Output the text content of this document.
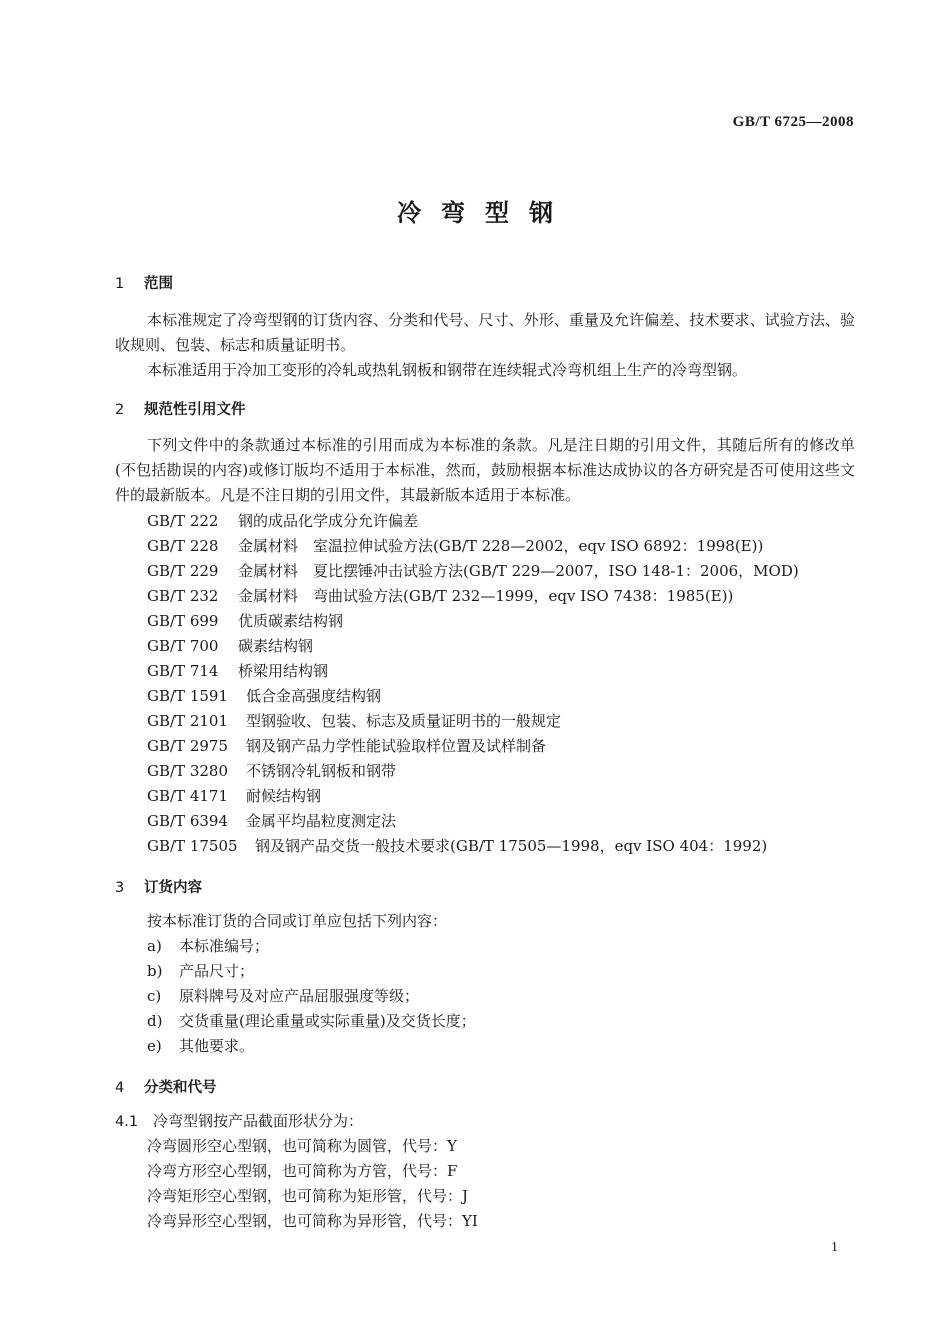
GB/T 6725—2008
冷弯型钢
1 范围
本标准规定了冷弯型钢的订货内容、分类和代号、尺寸、外形、重量及允许偏差、技术要求、试验方法、验收规则、包装、标志和质量证明书。
本标准适用于冷加工变形的冷轧或热轧钢板和钢带在连续辊式冷弯机组上生产的冷弯型钢。
2 规范性引用文件
下列文件中的条款通过本标准的引用而成为本标准的条款。凡是注日期的引用文件，其随后所有的修改单(不包括勘误的内容)或修订版均不适用于本标准，然而，鼓励根据本标准达成协议的各方研究是否可使用这些文件的最新版本。凡是不注日期的引用文件，其最新版本适用于本标准。
GB/T 222 钢的成品化学成分允许偏差
GB/T 228 金属材料　室温拉伸试验方法(GB/T 228—2002，eqv ISO 6892：1998(E))
GB/T 229 金属材料　夏比摆锤冲击试验方法(GB/T 229—2007，ISO 148-1：2006，MOD)
GB/T 232 金属材料　弯曲试验方法(GB/T 232—1999，eqv ISO 7438：1985(E))
GB/T 699 优质碳素结构钢
GB/T 700 碳素结构钢
GB/T 714 桥梁用结构钢
GB/T 1591 低合金高强度结构钢
GB/T 2101 型钢验收、包装、标志及质量证明书的一般规定
GB/T 2975 钢及钢产品力学性能试验取样位置及试样制备
GB/T 3280 不锈钢冷轧钢板和钢带
GB/T 4171 耐候结构钢
GB/T 6394 金属平均晶粒度测定法
GB/T 17505 钢及钢产品交货一般技术要求(GB/T 17505—1998，eqv ISO 404：1992)
3 订货内容
按本标准订货的合同或订单应包括下列内容：
a) 本标准编号；
b) 产品尺寸；
c) 原料牌号及对应产品屈服强度等级；
d) 交货重量(理论重量或实际重量)及交货长度；
e) 其他要求。
4 分类和代号
4.1 冷弯型钢按产品截面形状分为：
冷弯圆形空心型钢，也可简称为圆管，代号：Y
冷弯方形空心型钢，也可简称为方管，代号：F
冷弯矩形空心型钢，也可简称为矩形管，代号：J
冷弯异形空心型钢，也可简称为异形管，代号：YI
1
